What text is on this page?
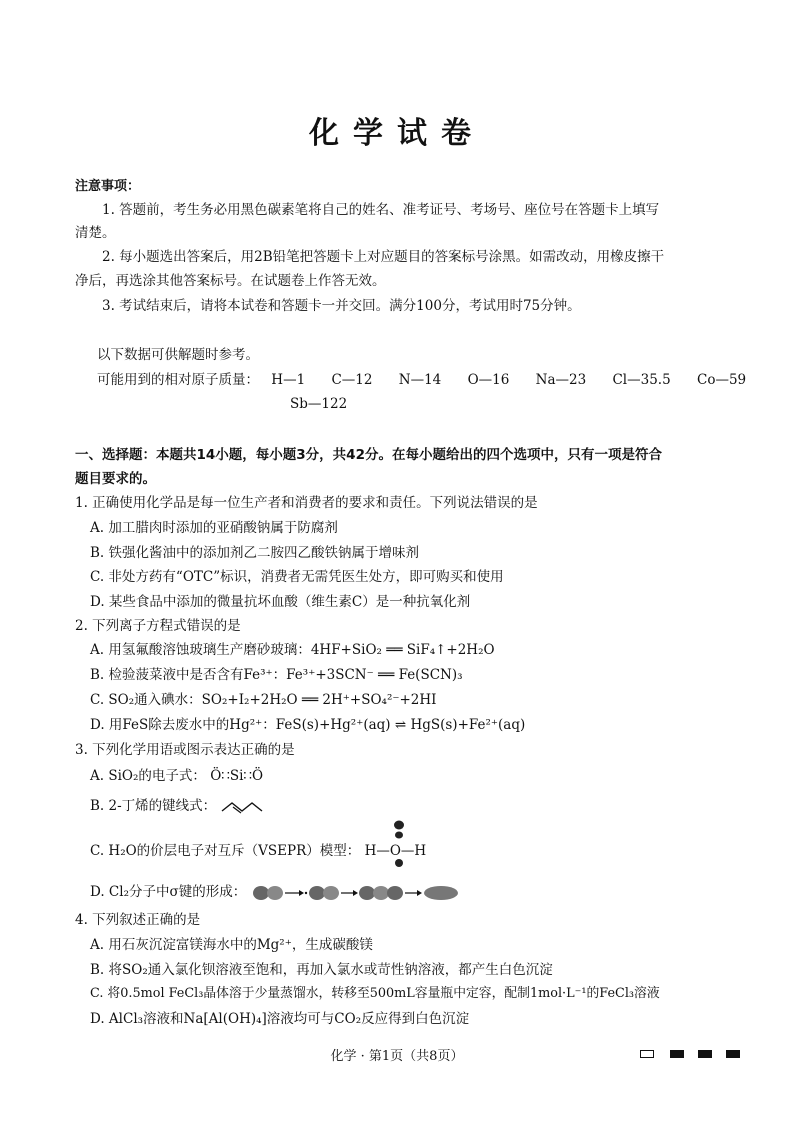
化学试卷
注意事项：
1. 答题前，考生务必用黑色碳素笔将自己的姓名、准考证号、考场号、座位号在答题卡上填写
清楚。
2. 每小题选出答案后，用2B铅笔把答题卡上对应题目的答案标号涂黑。如需改动，用橡皮擦干
净后，再选涂其他答案标号。在试题卷上作答无效。
3. 考试结束后，请将本试卷和答题卡一并交回。满分100分，考试用时75分钟。
以下数据可供解题时参考。
可能用到的相对原子质量： H—1 C—12 N—14 O—16 Na—23 Cl—35.5 Co—59
Sb—122
一、选择题：本题共14小题，每小题3分，共42分。在每小题给出的四个选项中，只有一项是符合
题目要求的。
1. 正确使用化学品是每一位生产者和消费者的要求和责任。下列说法错误的是
A. 加工腊肉时添加的亚硝酸钠属于防腐剂
B. 铁强化酱油中的添加剂乙二胺四乙酸铁钠属于增味剂
C. 非处方药有“OTC”标识，消费者无需凭医生处方，即可购买和使用
D. 某些食品中添加的微量抗坏血酸（维生素C）是一种抗氧化剂
2. 下列离子方程式错误的是
A. 用氢氟酸溶蚀玻璃生产磨砂玻璃：4HF+SiO₂ ══ SiF₄↑+2H₂O
B. 检验菠菜液中是否含有Fe³⁺：Fe³⁺+3SCN⁻ ══ Fe(SCN)₃
C. SO₂通入碘水：SO₂+I₂+2H₂O ══ 2H⁺+SO₄²⁻+2HI
D. 用FeS除去废水中的Hg²⁺：FeS(s)+Hg²⁺(aq) ⇌ HgS(s)+Fe²⁺(aq)
3. 下列化学用语或图示表达正确的是
A. SiO₂的电子式： Ö∷Si∷Ö
B. 2-丁烯的键线式：
C. H₂O的价层电子对互斥（VSEPR）模型： H—O—H
D. Cl₂分子中σ键的形成：
4. 下列叙述正确的是
A. 用石灰沉淀富镁海水中的Mg²⁺，生成碳酸镁
B. 将SO₂通入氯化钡溶液至饱和，再加入氯水或苛性钠溶液，都产生白色沉淀
C. 将0.5mol FeCl₃晶体溶于少量蒸馏水，转移至500mL容量瓶中定容，配制1mol·L⁻¹的FeCl₃溶液
D. AlCl₃溶液和Na[Al(OH)₄]溶液均可与CO₂反应得到白色沉淀
化学 · 第1页（共8页）
